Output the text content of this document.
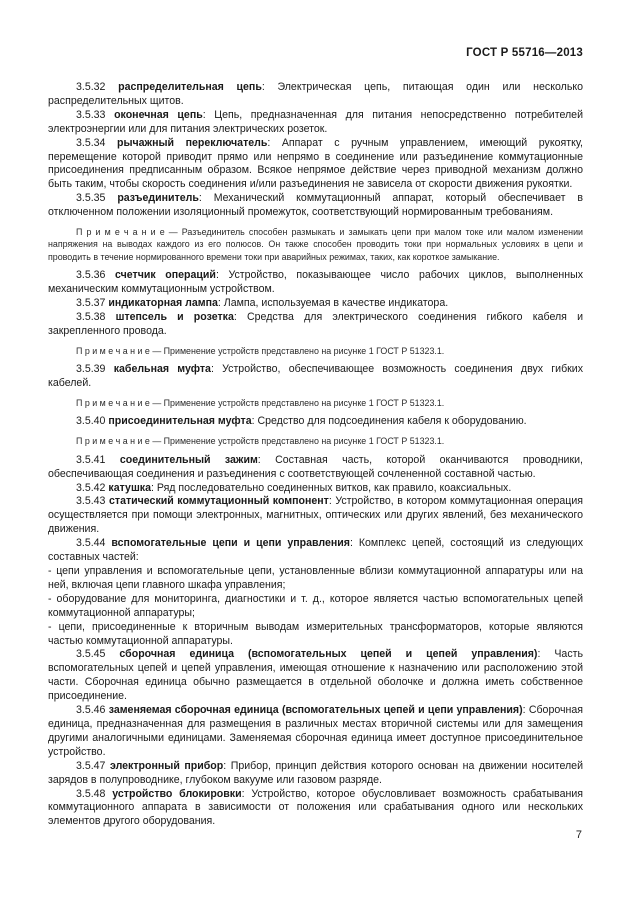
ГОСТ Р 55716—2013

3.5.32 распределительная цепь: Электрическая цепь, питающая один или несколько распределительных щитов.

3.5.33 оконечная цепь: Цепь, предназначенная для питания непосредственно потребителей электроэнергии или для питания электрических розеток.

3.5.34 рычажный переключатель: Аппарат с ручным управлением, имеющий рукоятку, перемещение которой приводит прямо или непрямо в соединение или разъединение коммутационные присоединения предписанным образом. Всякое непрямое действие через приводной механизм должно быть таким, чтобы скорость соединения и/или разъединения не зависела от скорости движения рукоятки.

3.5.35 разъединитель: Механический коммутационный аппарат, который обеспечивает в отключенном положении изоляционный промежуток, соответствующий нормированным требованиям.

П р и м е ч а н и е — Разъединитель способен размыкать и замыкать цепи при малом токе или малом изменении напряжения на выводах каждого из его полюсов. Он также способен проводить токи при нормальных условиях в цепи и проводить в течение нормированного времени токи при аварийных режимах, таких, как короткое замыкание.

3.5.36 счетчик операций: Устройство, показывающее число рабочих циклов, выполненных механическим коммутационным устройством.

3.5.37 индикаторная лампа: Лампа, используемая в качестве индикатора.

3.5.38 штепсель и розетка: Средства для электрического соединения гибкого кабеля и закрепленного провода.

П р и м е ч а н и е — Применение устройств представлено на рисунке 1 ГОСТ Р 51323.1.

3.5.39 кабельная муфта: Устройство, обеспечивающее возможность соединения двух гибких кабелей.

П р и м е ч а н и е — Применение устройств представлено на рисунке 1 ГОСТ Р 51323.1.

3.5.40 присоединительная муфта: Средство для подсоединения кабеля к оборудованию.

П р и м е ч а н и е — Применение устройств представлено на рисунке 1 ГОСТ Р 51323.1.

3.5.41 соединительный зажим: Составная часть, которой оканчиваются проводники, обеспечивающая соединения и разъединения с соответствующей сочлененной составной частью.

3.5.42 катушка: Ряд последовательно соединенных витков, как правило, коаксиальных.

3.5.43 статический коммутационный компонент: Устройство, в котором коммутационная операция осуществляется при помощи электронных, магнитных, оптических или других явлений, без механического движения.

3.5.44 вспомогательные цепи и цепи управления: Комплекс цепей, состоящий из следующих составных частей:

- цепи управления и вспомогательные цепи, установленные вблизи коммутационной аппаратуры или на ней, включая цепи главного шкафа управления;

- оборудование для мониторинга, диагностики и т. д., которое является частью вспомогательных цепей коммутационной аппаратуры;

- цепи, присоединенные к вторичным выводам измерительных трансформаторов, которые являются частью коммутационной аппаратуры.

3.5.45 сборочная единица (вспомогательных цепей и цепей управления): Часть вспомогательных цепей и цепей управления, имеющая отношение к назначению или расположению этой части. Сборочная единица обычно размещается в отдельной оболочке и должна иметь собственное присоединение.

3.5.46 заменяемая сборочная единица (вспомогательных цепей и цепи управления): Сборочная единица, предназначенная для размещения в различных местах вторичной системы или для замещения другими аналогичными единицами. Заменяемая сборочная единица имеет доступное присоединительное устройство.

3.5.47 электронный прибор: Прибор, принцип действия которого основан на движении носителей зарядов в полупроводнике, глубоком вакууме или газовом разряде.

3.5.48 устройство блокировки: Устройство, которое обусловливает возможность срабатывания коммутационного аппарата в зависимости от положения или срабатывания одного или нескольких элементов другого оборудования.

7
